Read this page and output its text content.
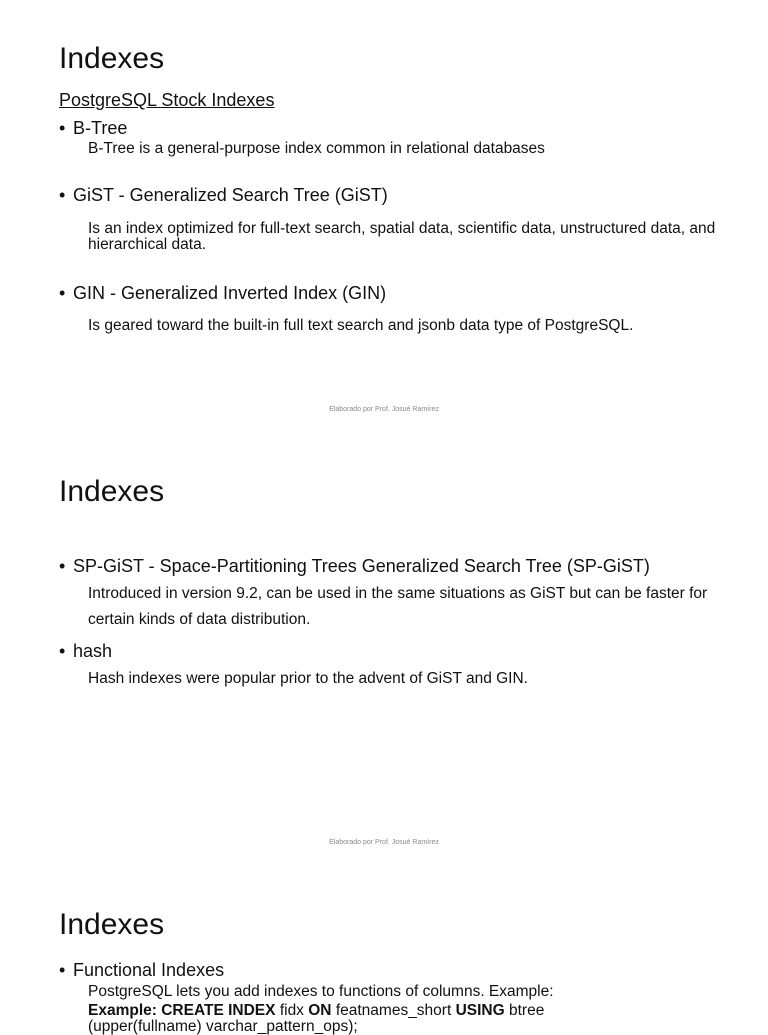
Indexes
PostgreSQL Stock Indexes
• B-Tree

B-Tree is a general-purpose index common in relational databases

• GiST - Generalized Search Tree (GiST)

Is an index optimized for full-text search, spatial data, scientific data, unstructured data, and hierarchical data.

• GIN - Generalized Inverted Index (GIN)

Is geared toward the built-in full text search and jsonb data type of PostgreSQL.

Elaborado por Prof. Josué Ramírez
Indexes
• SP-GiST - Space-Partitioning Trees Generalized Search Tree (SP-GiST)

Introduced in version 9.2, can be used in the same situations as GiST but can be faster for certain kinds of data distribution.

• hash

Hash indexes were popular prior to the advent of GiST and GIN.

Elaborado por Prof. Josué Ramírez
Indexes
• Functional Indexes

PostgreSQL lets you add indexes to functions of columns. Example:

Example: CREATE INDEX fidx ON featnames_short USING btree
(upper(fullname) varchar_pattern_ops);
